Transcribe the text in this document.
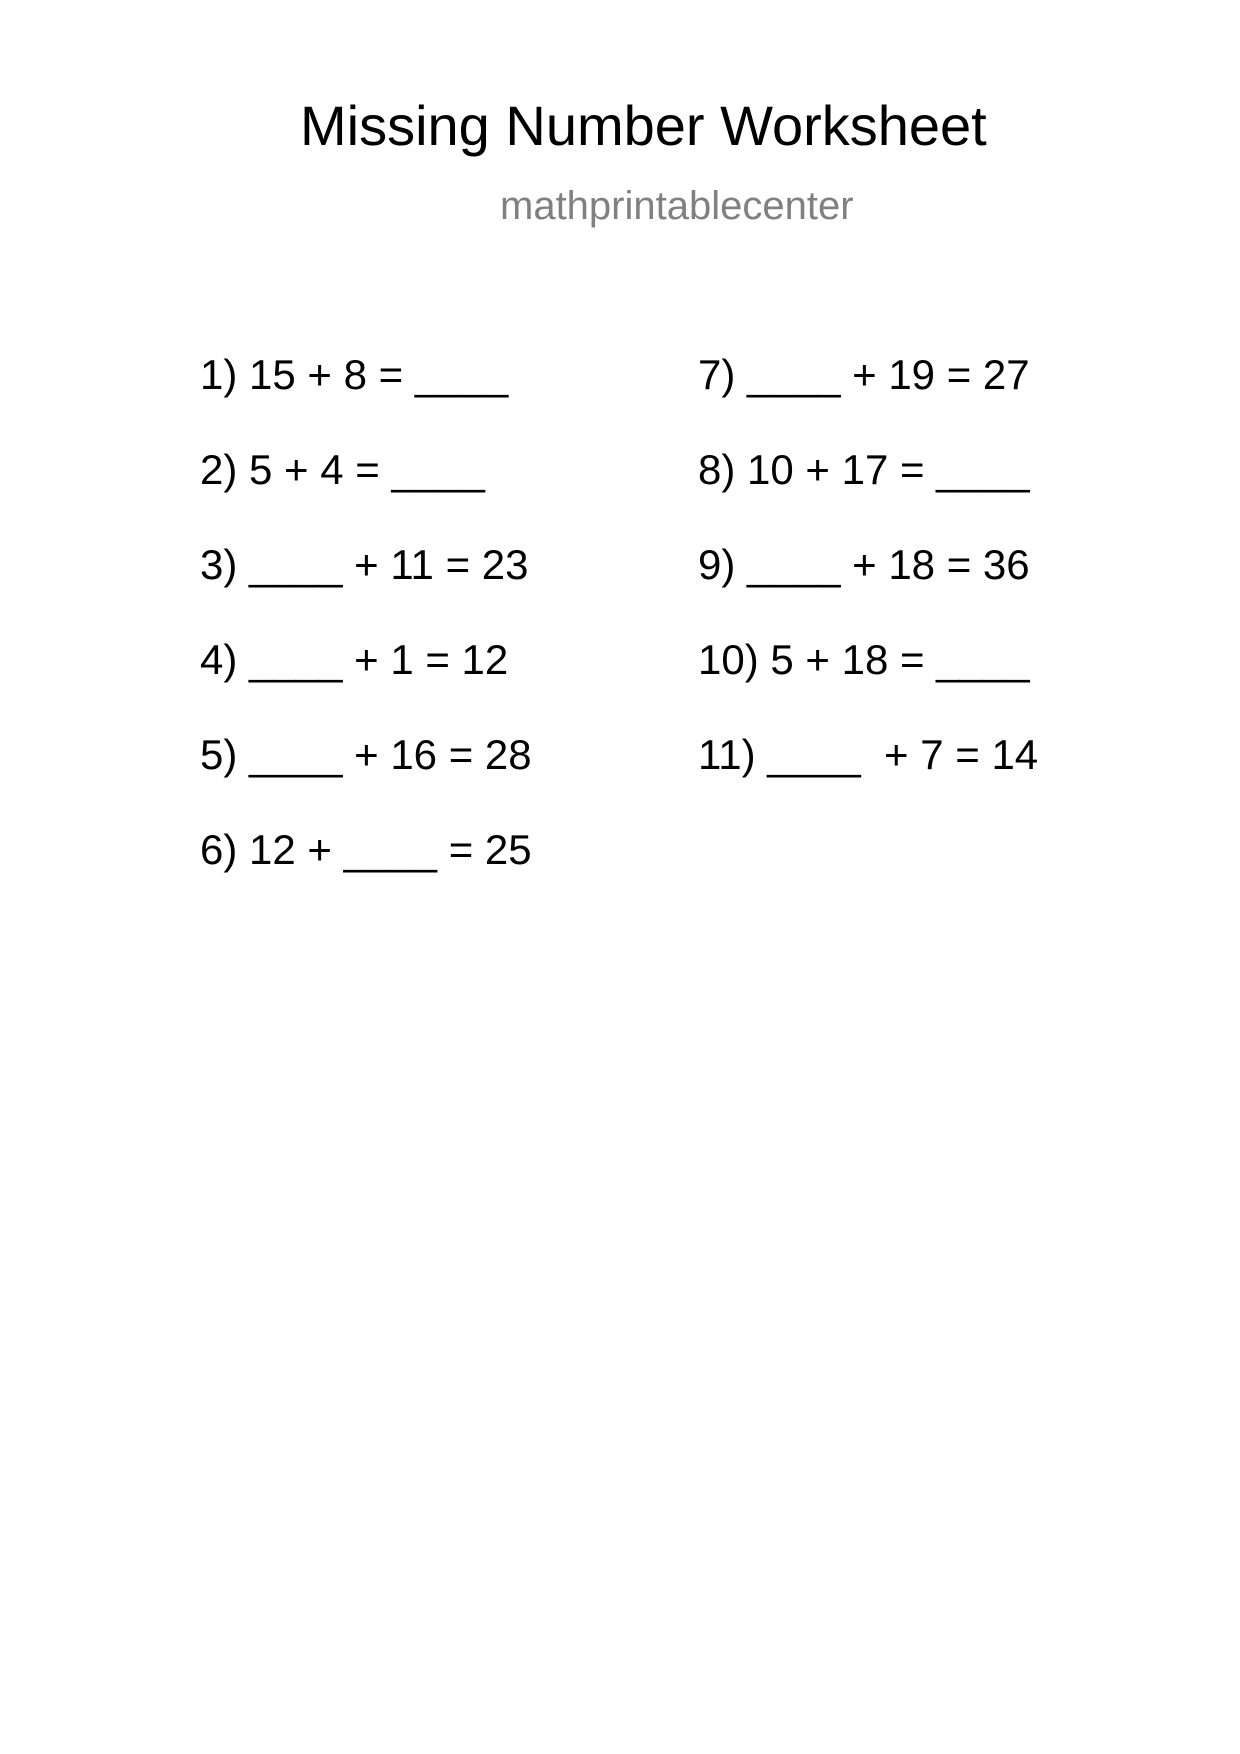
Missing Number Worksheet
mathprintablecenter
1) 15 + 8 = ____
2) 5 + 4 = ____
3) ____ + 11 = 23
4) ____ + 1 = 12
5) ____ + 16 = 28
6) 12 + ____ = 25
7) ____ + 19 = 27
8) 10 + 17 = ____
9) ____ + 18 = 36
10) 5 + 18 = ____
11) ____  + 7 = 14
